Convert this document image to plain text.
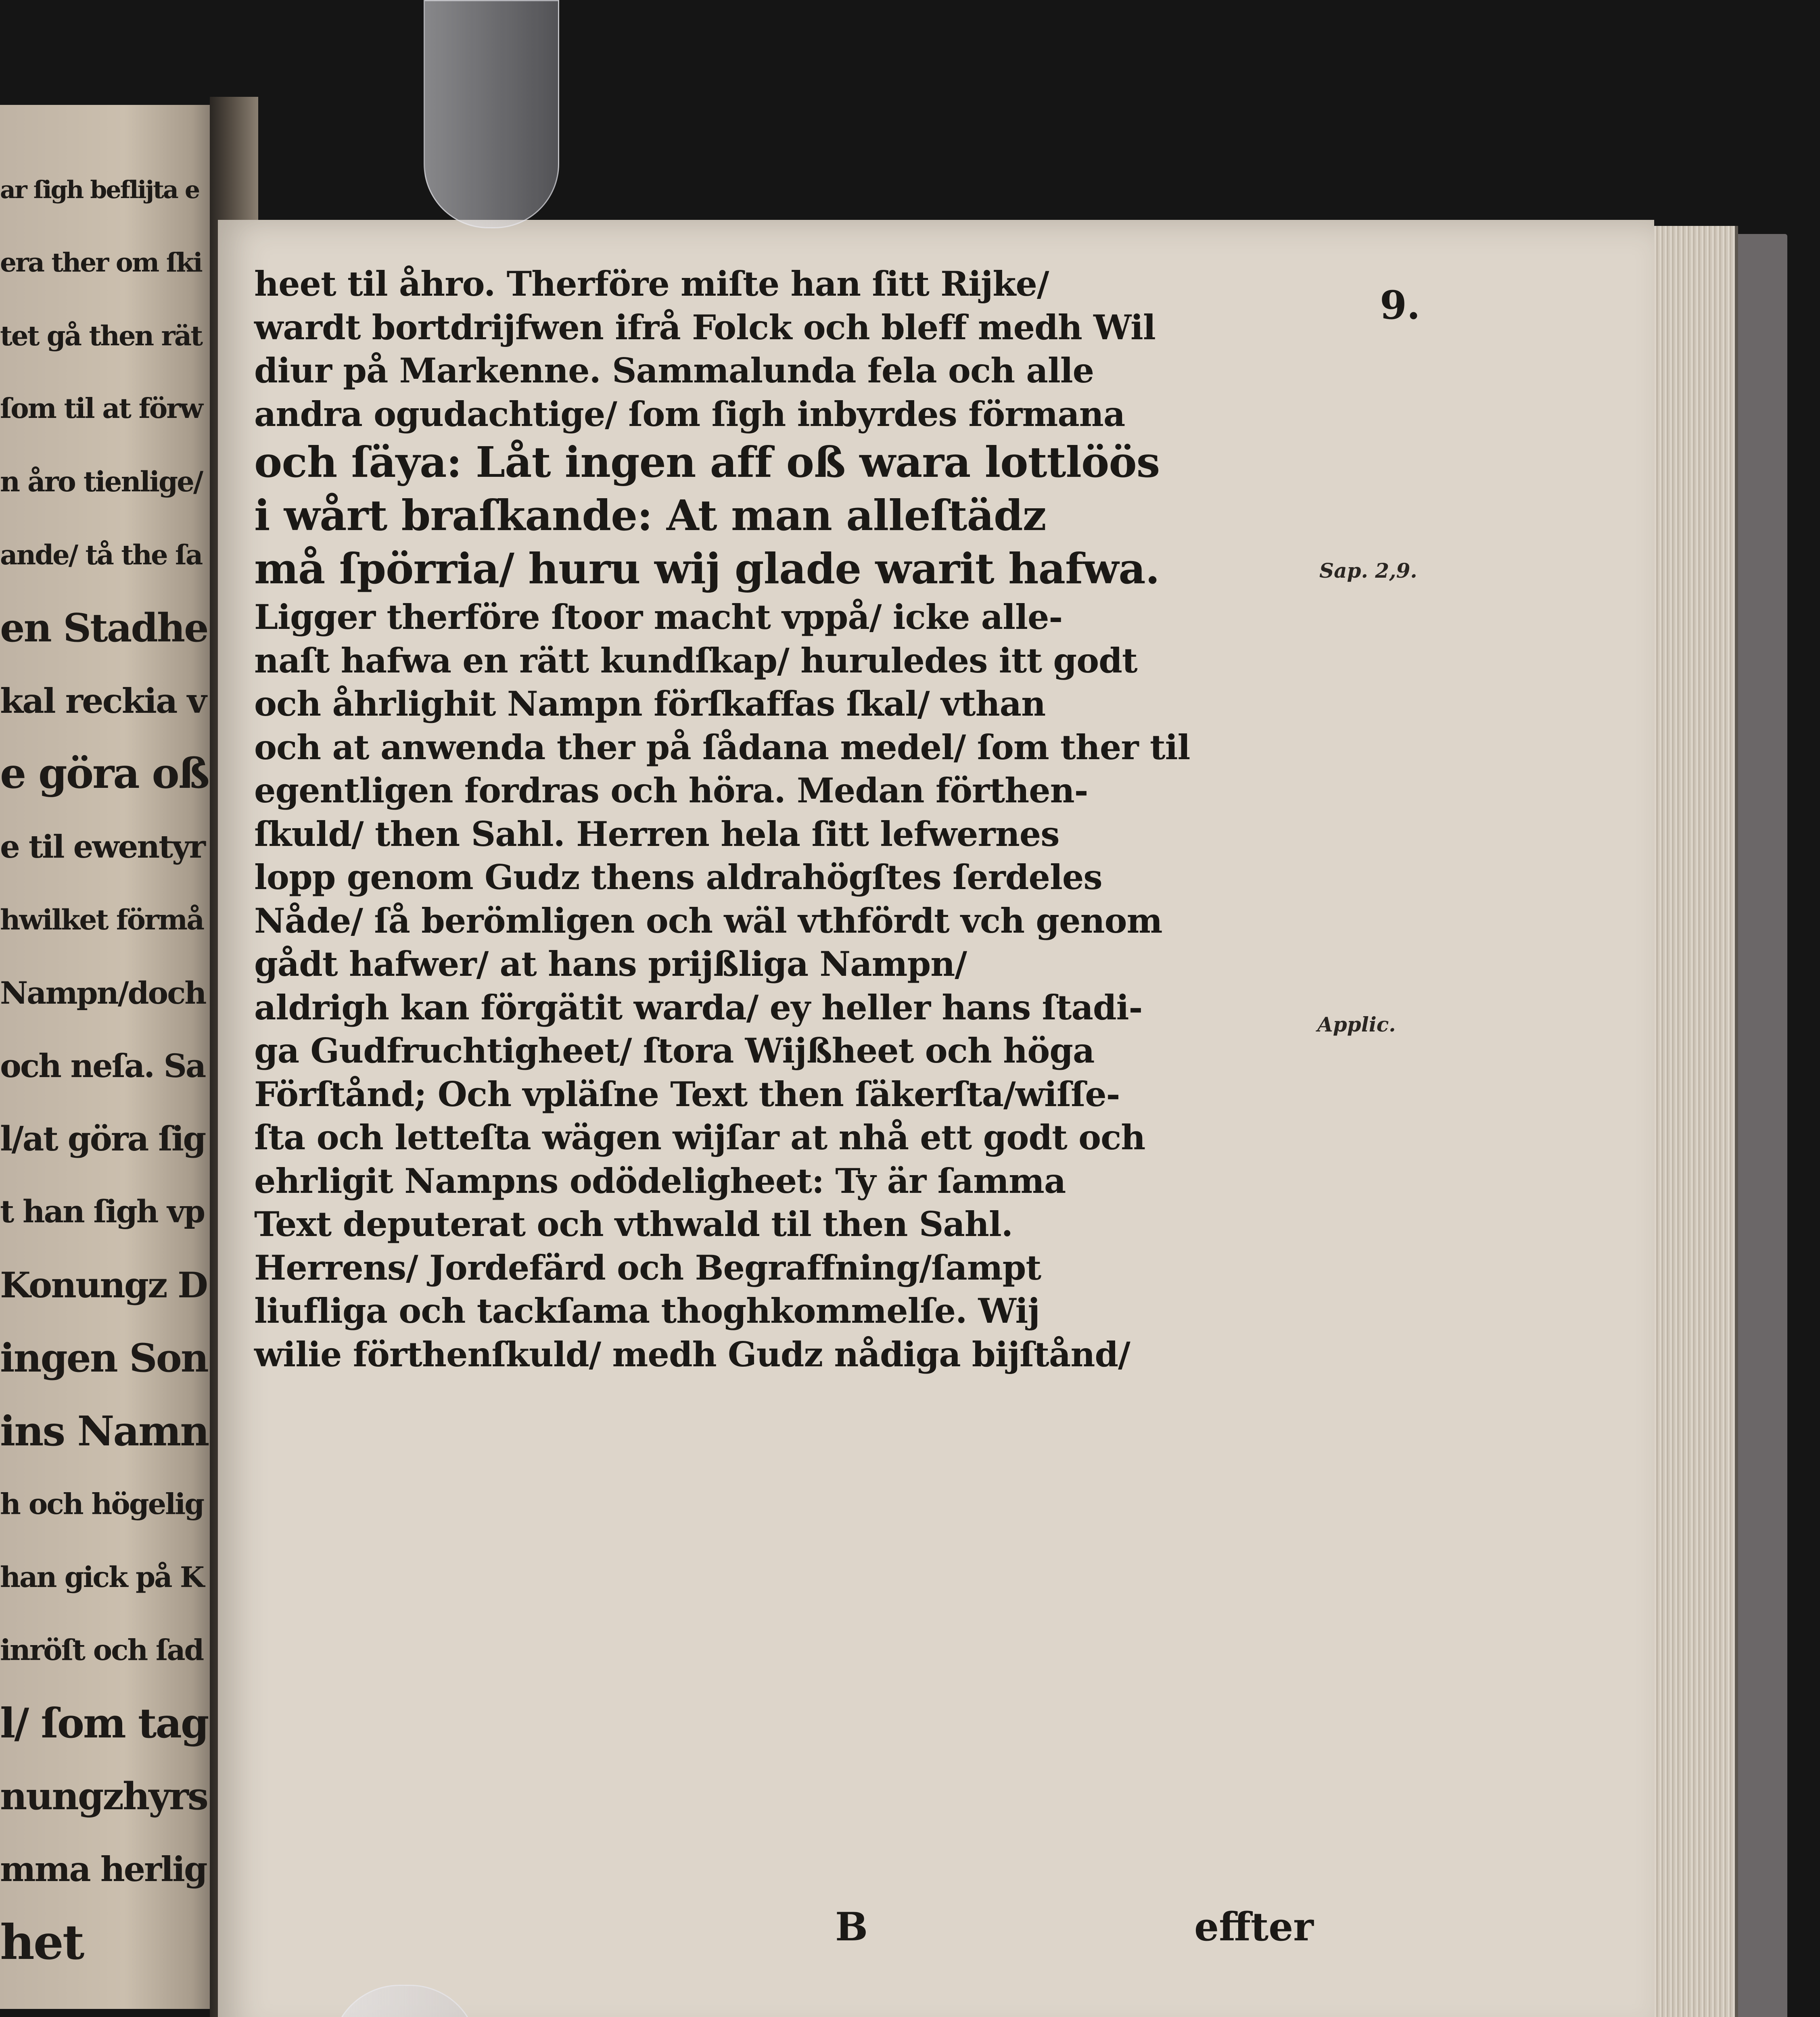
ar ſigh beflijta e
era ther om ſki
tet gå then rät
ſom til at förw
n åro tienlige/
ande/ tå the ſa
en Stadhe
kal reckia v
e göra oß
e til ewentyr
hwilket förmå
Nampn/doch
och neſa. Sa
l/at göra ſig
t han ſigh vp
Konungz D
ingen Son
ins Namn
h och högelig
han gick på K
inröſt och ſad
l/ ſom tag
nungzhyrs
mma herlig
het
9.
heet til åhro. Therföre miſte han ſitt Rijke/
wardt bortdrijfwen ifrå Folck och bleff medh Wil
diur på Markenne. Sammalunda fela och alle
andra ogudachtige/ ſom ſigh inbyrdes förmana
och ſäya: Låt ingen aff oß wara lottlöös
i wårt braſkande: At man alleſtädz
må ſpörria/ huru wij glade warit hafwa.
Ligger therföre ſtoor macht vppå/ icke alle-
naſt hafwa en rätt kundſkap/ huruledes itt godt
och åhrlighit Nampn förſkaffas ſkal/ vthan
och at anwenda ther på ſådana medel/ ſom ther til
egentligen fordras och höra. Medan förthen-
ſkuld/ then Sahl. Herren hela ſitt lefwernes
lopp genom Gudz thens aldrahögſtes ſerdeles
Nåde/ ſå berömligen och wäl vthfördt vch genom
gådt hafwer/ at hans prijßliga Nampn/
aldrigh kan förgätit warda/ ey heller hans ſtadi-
ga Gudfruchtigheet/ ſtora Wijßheet och höga
Förſtånd; Och vpläſne Text then ſäkerſta/wiſſe-
ſta och letteſta wägen wijſar at nhå ett godt och
ehrligit Nampns odödeligheet: Ty är ſamma
Text deputerat och vthwald til then Sahl.
Herrens/ Jordefärd och Begraffning/ſampt
liufliga och tackſama thoghkommelſe. Wij
wilie förthenſkuld/ medh Gudz nådiga bijſtånd/
Sap. 2,9.
Applic.
B	effter
